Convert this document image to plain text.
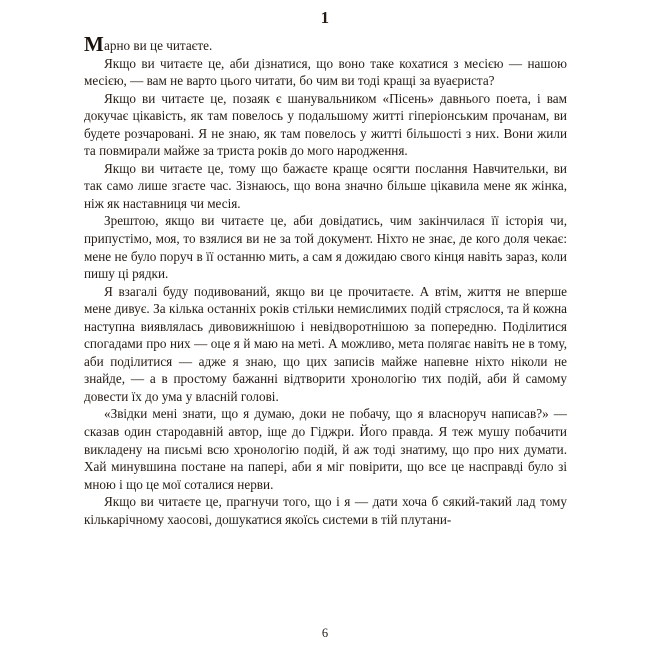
1

Mарно ви це читаєте.

Якщо ви читаєте це, аби дізнатися, що воно таке кохатися з месією — нашою месією, — вам не варто цього читати, бо чим ви тоді кращі за вуаєриста?

Якщо ви читаєте це, позаяк є шанувальником «Пісень» давнього поета, і вам докучає цікавість, як там повелось у подальшому житті гіперіонським прочанам, ви будете розчаровані. Я не знаю, як там повелось у житті більшості з них. Вони жили та повмирали майже за триста років до мого народження.

Якщо ви читаєте це, тому що бажаєте краще осягти послання Навчительки, ви так само лише згаєте час. Зізнаюсь, що вона значно більше цікавила мене як жінка, ніж як наставниця чи месія.

Зрештою, якщо ви читаєте це, аби довідатись, чим закінчилася її історія чи, припустімо, моя, то взялися ви не за той документ. Ніхто не знає, де кого доля чекає: мене не було поруч в її останню мить, а сам я дожидаю свого кінця навіть зараз, коли пишу ці рядки.

Я взагалі буду подивований, якщо ви це прочитаєте. А втім, життя не вперше мене дивує. За кілька останніх років стільки немислимих подій стряслося, та й кожна наступна виявлялась дивовижнішою і невідворотнішою за попередню. Поділитися спогадами про них — оце я й маю на меті. А можливо, мета полягає навіть не в тому, аби поділитися — адже я знаю, що цих записів майже напевне ніхто ніколи не знайде, — а в простому бажанні відтворити хронологію тих подій, аби й самому довести їх до ума у власній голові.

«Звідки мені знати, що я думаю, доки не побачу, що я власноруч написав?» — сказав один стародавній автор, іще до Гіджри. Його правда. Я теж мушу побачити викладену на письмі всю хронологію подій, й аж тоді знатиму, що про них думати. Хай минувшина постане на папері, аби я міг повірити, що все це насправді було зі мною і що це мої соталися нерви.

Якщо ви читаєте це, прагнучи того, що і я — дати хоча б сякий-такий лад тому кількарічному хаосові, дошукатися якоїсь системи в тій плутани-

6
